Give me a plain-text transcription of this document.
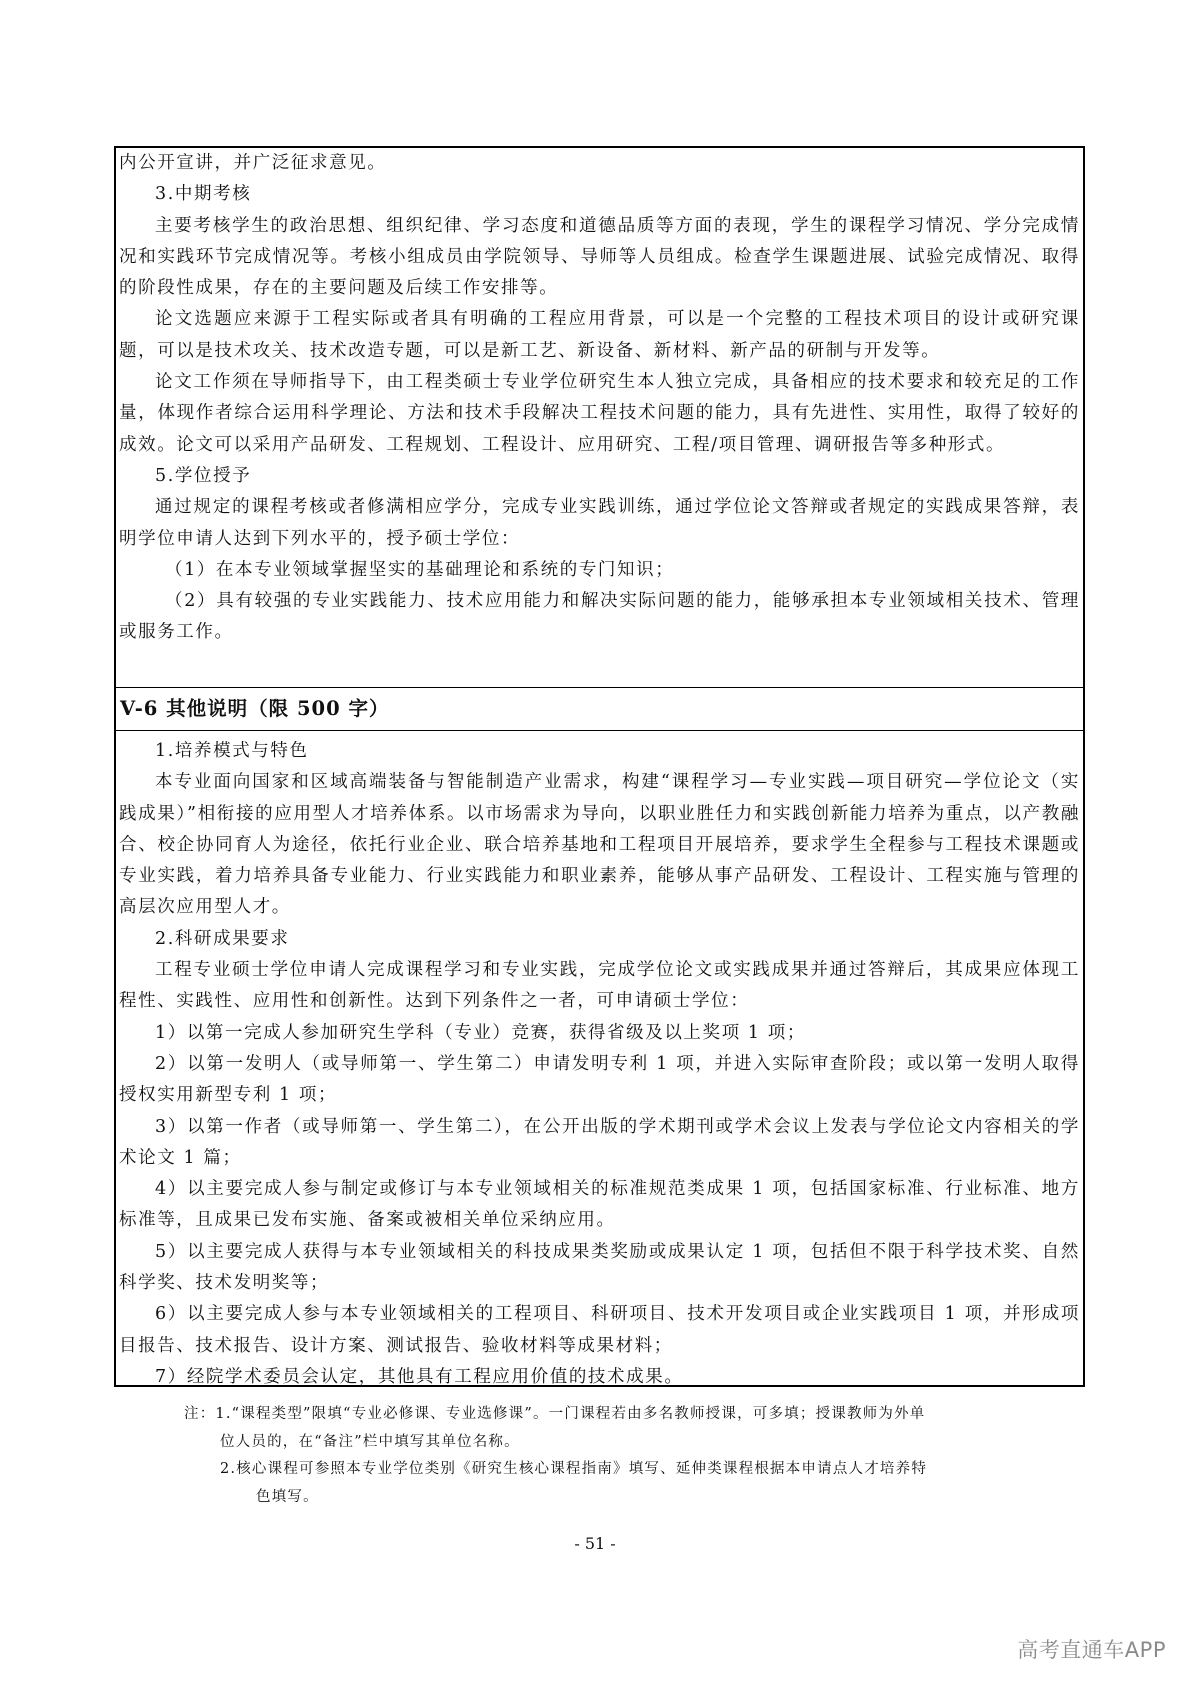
内公开宣讲，并广泛征求意见。

3.中期考核

主要考核学生的政治思想、组织纪律、学习态度和道德品质等方面的表现，学生的课程学习情况、学分完成情况和实践环节完成情况等。考核小组成员由学院领导、导师等人员组成。检查学生课题进展、试验完成情况、取得的阶段性成果，存在的主要问题及后续工作安排等。

论文选题应来源于工程实际或者具有明确的工程应用背景，可以是一个完整的工程技术项目的设计或研究课题，可以是技术攻关、技术改造专题，可以是新工艺、新设备、新材料、新产品的研制与开发等。

论文工作须在导师指导下，由工程类硕士专业学位研究生本人独立完成，具备相应的技术要求和较充足的工作量，体现作者综合运用科学理论、方法和技术手段解决工程技术问题的能力，具有先进性、实用性，取得了较好的成效。论文可以采用产品研发、工程规划、工程设计、应用研究、工程/项目管理、调研报告等多种形式。

5.学位授予

通过规定的课程考核或者修满相应学分，完成专业实践训练，通过学位论文答辩或者规定的实践成果答辩，表明学位申请人达到下列水平的，授予硕士学位：

（1）在本专业领域掌握坚实的基础理论和系统的专门知识；

（2）具有较强的专业实践能力、技术应用能力和解决实际问题的能力，能够承担本专业领域相关技术、管理或服务工作。

V-6 其他说明（限 500 字）

1.培养模式与特色

本专业面向国家和区域高端装备与智能制造产业需求，构建“课程学习—专业实践—项目研究—学位论文（实践成果）”相衔接的应用型人才培养体系。以市场需求为导向，以职业胜任力和实践创新能力培养为重点，以产教融合、校企协同育人为途径，依托行业企业、联合培养基地和工程项目开展培养，要求学生全程参与工程技术课题或专业实践，着力培养具备专业能力、行业实践能力和职业素养，能够从事产品研发、工程设计、工程实施与管理的高层次应用型人才。

2.科研成果要求

工程专业硕士学位申请人完成课程学习和专业实践，完成学位论文或实践成果并通过答辩后，其成果应体现工程性、实践性、应用性和创新性。达到下列条件之一者，可申请硕士学位：

1）以第一完成人参加研究生学科（专业）竞赛，获得省级及以上奖项 1 项；

2）以第一发明人（或导师第一、学生第二）申请发明专利 1 项，并进入实际审查阶段；或以第一发明人取得授权实用新型专利 1 项；

3）以第一作者（或导师第一、学生第二），在公开出版的学术期刊或学术会议上发表与学位论文内容相关的学术论文 1 篇；

4）以主要完成人参与制定或修订与本专业领域相关的标准规范类成果 1 项，包括国家标准、行业标准、地方标准等，且成果已发布实施、备案或被相关单位采纳应用。

5）以主要完成人获得与本专业领域相关的科技成果类奖励或成果认定 1 项，包括但不限于科学技术奖、自然科学奖、技术发明奖等；

6）以主要完成人参与本专业领域相关的工程项目、科研项目、技术开发项目或企业实践项目 1 项，并形成项目报告、技术报告、设计方案、测试报告、验收材料等成果材料；

7）经院学术委员会认定，其他具有工程应用价值的技术成果。

注：1.“课程类型”限填“专业必修课、专业选修课”。一门课程若由多名教师授课，可多填；授课教师为外单
位人员的，在“备注”栏中填写其单位名称。

2.核心课程可参照本专业学位类别《研究生核心课程指南》填写、延伸类课程根据本申请点人才培养特
色填写。

- 51 -
高考直通车APP
